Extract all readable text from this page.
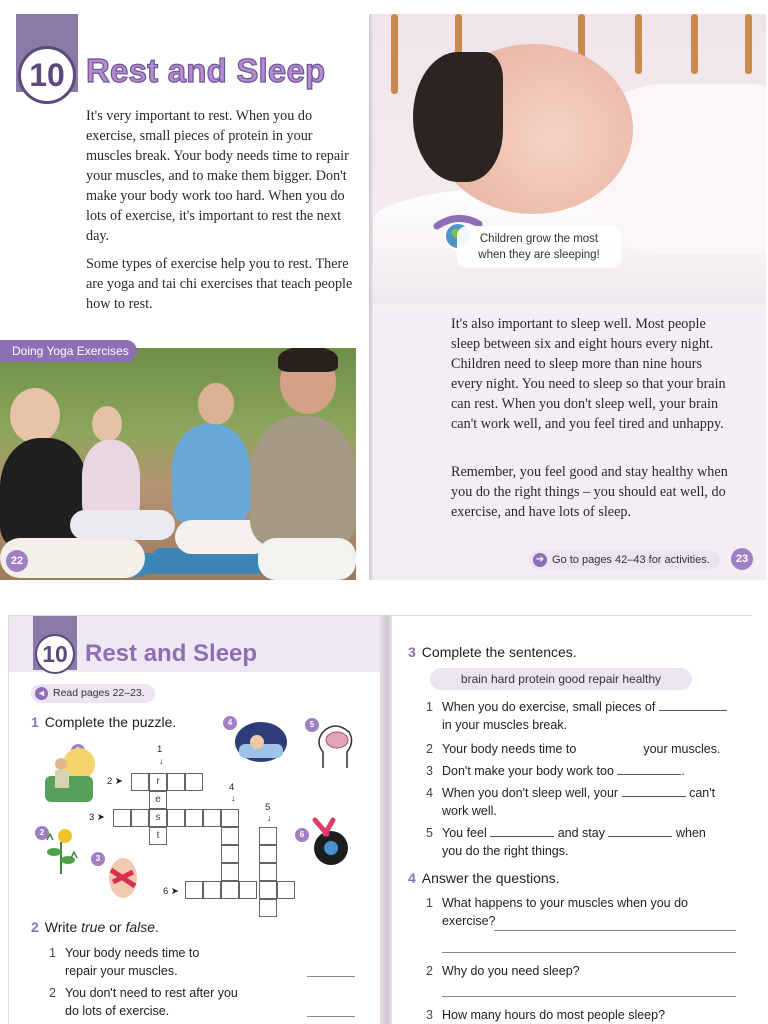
10 Rest and Sleep

It's very important to rest. When you do exercise, small pieces of protein in your muscles break. Your body needs time to repair your muscles, and to make them bigger. Don't make your body work too hard. When you do lots of exercise, it's important to rest the next day.

Some types of exercise help you to rest. There are yoga and tai chi exercises that teach people how to rest.

Doing Yoga Exercises
22
Children grow the most when they are sleeping!

It's also important to sleep well. Most people sleep between six and eight hours every night. Children need to sleep more than nine hours every night. You need to sleep so that your brain can rest. When you don't sleep well, your brain can't work well, and you feel tired and unhappy.

Remember, you feel good and stay healthy when you do the right things – you should eat well, do exercise, and have lots of sleep.

➔ Go to pages 42–43 for activities.	23
10 Rest and Sleep
◄ Read pages 22–23.
1 Complete the puzzle.
1
↓
2 ➤
4
↓
5
↓
3 ➤
6 ➤
r
e
s
t
2
3
4	5
6
2 Write true or false.
1 Your body needs time to
repair your muscles.
2 You don't need to rest after you
do lots of exercise.
3 Complete the sentences.
brain hard protein good repair healthy
1 When you do exercise, small pieces of
in your muscles break.
2 Your body needs time to	your muscles.
3 Don't make your body work too	.
4 When you don't sleep well, your	can't
work well.
5 You feel	and stay	when
you do the right things.
4 Answer the questions.
1 What happens to your muscles when you do
exercise?
2 Why do you need sleep?
3 How many hours do most people sleep?
